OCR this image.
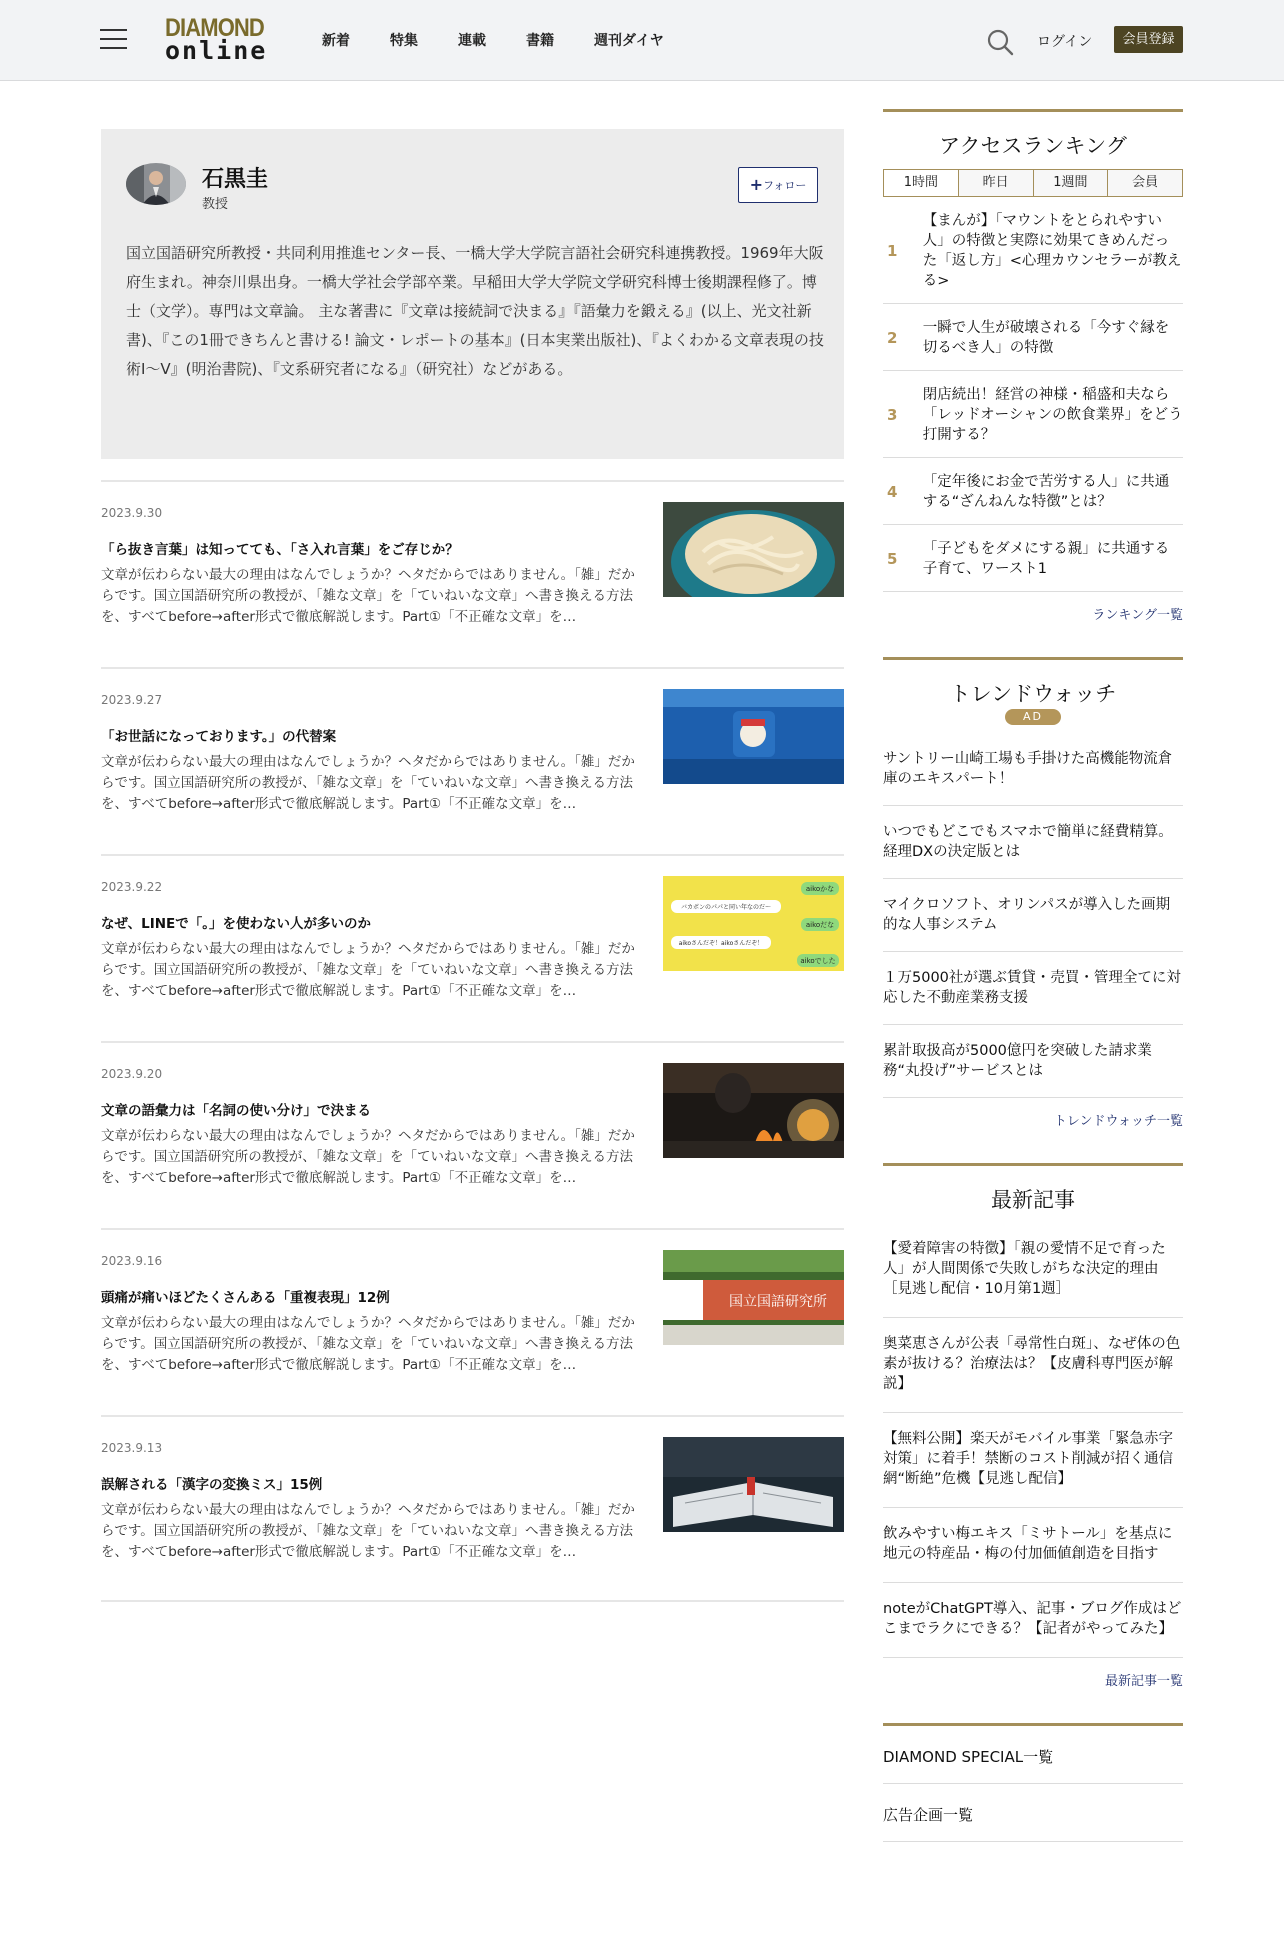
DIAMOND
online	新着	特集	連載	書籍	週刊ダイヤ	ログイン	会員登録
石黒圭
教授
+フォロー
国立国語研究所教授・共同利用推進センター長、一橋大学大学院言語社会研究科連携教授。1969年大阪府生まれ。神奈川県出身。一橋大学社会学部卒業。早稲田大学大学院文学研究科博士後期課程修了。博士（文学）。専門は文章論。 主な著書に『文章は接続詞で決まる』『語彙力を鍛える』(以上、光文社新書)、『この1冊できちんと書ける! 論文・レポートの基本』(日本実業出版社)、『よくわかる文章表現の技術Ⅰ〜Ⅴ』(明治書院)、『文系研究者になる』（研究社）などがある。
2023.9.30
「ら抜き言葉」は知ってても、「さ入れ言葉」をご存じか？
文章が伝わらない最大の理由はなんでしょうか？ヘタだからではありません。「雑」だからです。国立国語研究所の教授が、「雑な文章」を「ていねいな文章」へ書き換える方法を、すべてbefore→after形式で徹底解説します。Part①「不正確な文章」を…
2023.9.27
「お世話になっております。」の代替案
文章が伝わらない最大の理由はなんでしょうか？ヘタだからではありません。「雑」だからです。国立国語研究所の教授が、「雑な文章」を「ていねいな文章」へ書き換える方法を、すべてbefore→after形式で徹底解説します。Part①「不正確な文章」を…
2023.9.22
なぜ、LINEで「。」を使わない人が多いのか
文章が伝わらない最大の理由はなんでしょうか？ヘタだからではありません。「雑」だからです。国立国語研究所の教授が、「雑な文章」を「ていねいな文章」へ書き換える方法を、すべてbefore→after形式で徹底解説します。Part①「不正確な文章」を…
aikoかな
バカボンのパパと同い年なのだ〜
aikoだな
aikoさんだぞ！aikoさんだぞ！
aikoでした
2023.9.20
文章の語彙力は「名詞の使い分け」で決まる
文章が伝わらない最大の理由はなんでしょうか？ヘタだからではありません。「雑」だからです。国立国語研究所の教授が、「雑な文章」を「ていねいな文章」へ書き換える方法を、すべてbefore→after形式で徹底解説します。Part①「不正確な文章」を…
2023.9.16
頭痛が痛いほどたくさんある「重複表現」12例
文章が伝わらない最大の理由はなんでしょうか？ヘタだからではありません。「雑」だからです。国立国語研究所の教授が、「雑な文章」を「ていねいな文章」へ書き換える方法を、すべてbefore→after形式で徹底解説します。Part①「不正確な文章」を…
国立国語研究所
2023.9.13
誤解される「漢字の変換ミス」15例
文章が伝わらない最大の理由はなんでしょうか？ヘタだからではありません。「雑」だからです。国立国語研究所の教授が、「雑な文章」を「ていねいな文章」へ書き換える方法を、すべてbefore→after形式で徹底解説します。Part①「不正確な文章」を…
アクセスランキング
1時間	昨日	1週間	会員
1
【まんが】「マウントをとられやすい人」の特徴と実際に効果てきめんだった「返し方」<心理カウンセラーが教える>
2
一瞬で人生が破壊される「今すぐ縁を切るべき人」の特徴
3
閉店続出！経営の神様・稲盛和夫なら「レッドオーシャンの飲食業界」をどう打開する？
4
「定年後にお金で苦労する人」に共通する“ざんねんな特徴”とは？
5
「子どもをダメにする親」に共通する子育て、ワースト1
ランキング一覧
トレンドウォッチ
AD
サントリー山崎工場も手掛けた高機能物流倉庫のエキスパート！
いつでもどこでもスマホで簡単に経費精算。経理DXの決定版とは
マイクロソフト、オリンパスが導入した画期的な人事システム
１万5000社が選ぶ賃貸・売買・管理全てに対応した不動産業務支援
累計取扱高が5000億円を突破した請求業務“丸投げ”サービスとは
トレンドウォッチ一覧
最新記事
【愛着障害の特徴】「親の愛情不足で育った人」が人間関係で失敗しがちな決定的理由［見逃し配信・10月第1週］
奥菜恵さんが公表「尋常性白斑」、なぜ体の色素が抜ける？治療法は？【皮膚科専門医が解説】
【無料公開】楽天がモバイル事業「緊急赤字対策」に着手！禁断のコスト削減が招く通信網“断絶”危機【見逃し配信】
飲みやすい梅エキス「ミサトール」を基点に地元の特産品・梅の付加価値創造を目指す
noteがChatGPT導入、記事・ブログ作成はどこまでラクにできる？【記者がやってみた】
最新記事一覧
DIAMOND SPECIAL一覧
広告企画一覧
